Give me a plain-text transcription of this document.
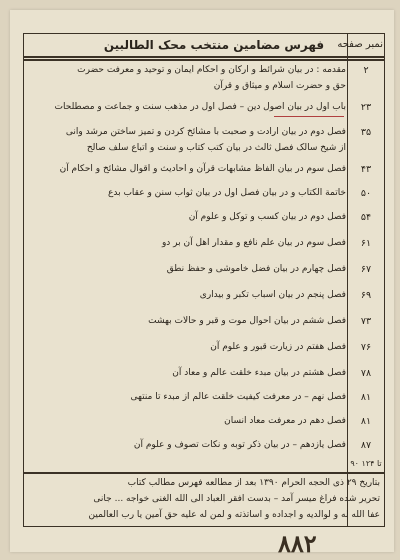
فهرس مضامین منتخب محک الطالبین	نمبر صفحه
۲
مقدمه : در بیان شرائط و ارکان و احکام ایمان و توحید و معرفت حضرت
حق و حضرت اسلام و میثاق و قرآن
۲۳
باب اول در بیان اصول دین – فصل اول در مذهب سنت و جماعت و مصطلحات
۳۵
فصل دوم در بیان ارادت و صحبت با مشائخ کردن و تمیز ساختن مرشد وانی
از شیخ سالک فصل ثالث در بیان کتب کتاب و سنت و اتباع سلف صالح
۴۳
فصل سوم در بیان الفاظ مشابهات قرآن و احادیث و اقوال مشائخ و احکام آن
۵۰
خاتمة الکتاب و در بیان فصل اول در بیان ثواب سنن و عقاب بدع
۵۴
فصل دوم در بیان کسب و توکل و علوم آن
۶۱
فصل سوم در بیان علم نافع و مقدار اهل آن بر دو
۶۷
فصل چهارم در بیان فضل خاموشی و حفظ نطق
۶۹
فصل پنجم در بیان اسباب تکبر و بیداری
۷۳
فصل ششم در بیان احوال موت و قبر و حالات بهشت
۷۶
فصل هفتم در زیارت قبور و علوم آن
۷۸
فصل هشتم در بیان مبدء خلقت عالم و معاد آن
۸۱
فصل نهم – در معرفت کیفیت خلقت عالم از مبدء تا منتهی
۸۱
فصل دهم در معرفت معاد انسان
۸۷
فصل یازدهم – در بیان ذکر توبه و نکات تصوف و علوم آن
۹۰ تا ۱۲۴
بتاریخ ۲۹ ذی الحجه الحرام ۱۳۹۰ بعد از مطالعه فهرس مطالب کتاب
تحریر شده فراغ میسر آمد – بدست افقر العباد الی الله الغنی خواجه ... جانی
عفا الله له و لوالدیه و اجداده و اساتذته و لمن له علیه حق آمین یا رب العالمین
۸۸۲
